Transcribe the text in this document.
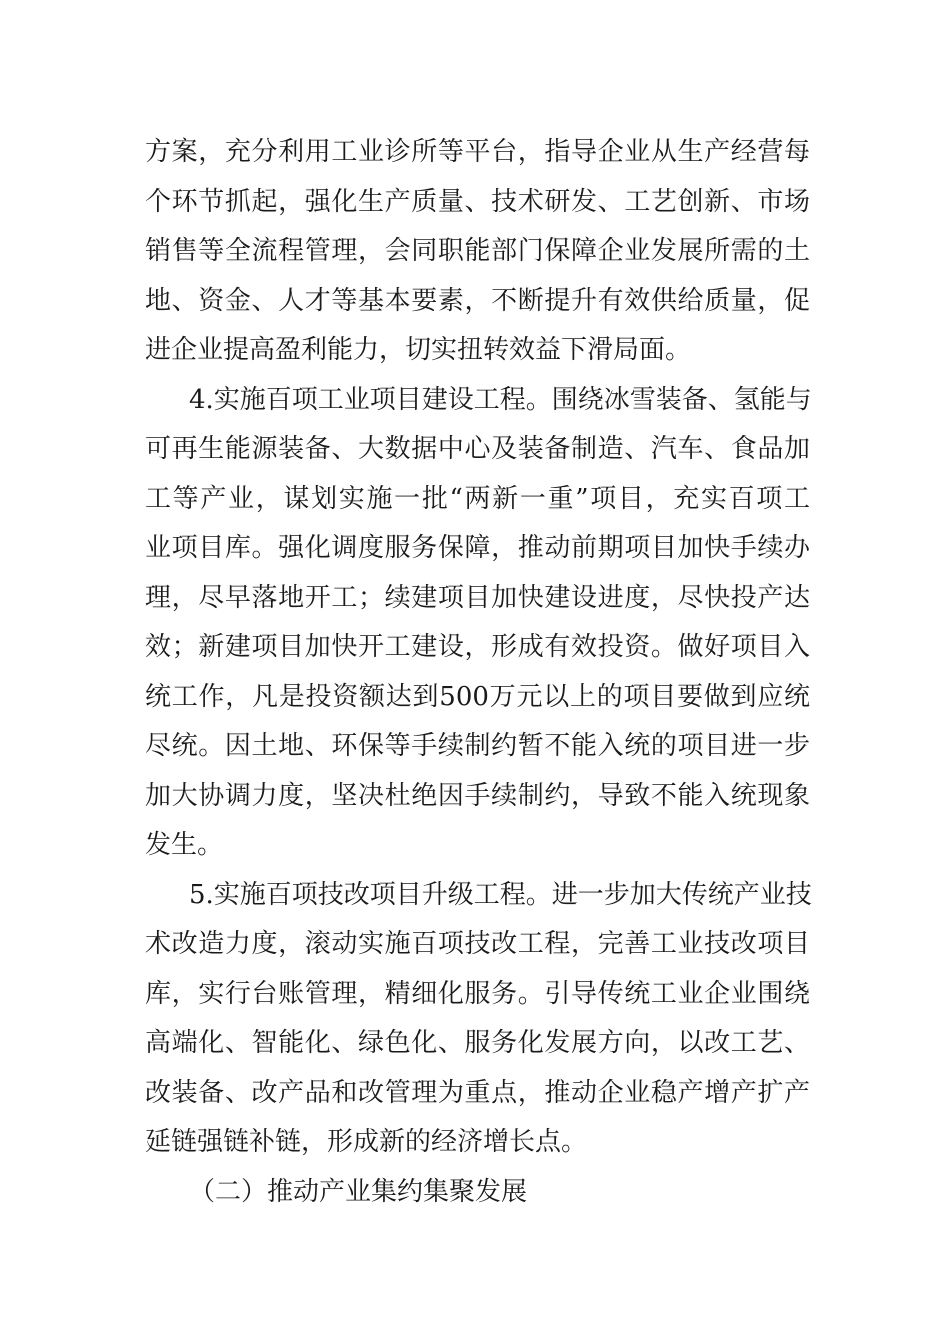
方案，充分利用工业诊所等平台，指导企业从生产经营每
个环节抓起，强化生产质量、技术研发、工艺创新、市场
销售等全流程管理，会同职能部门保障企业发展所需的土
地、资金、人才等基本要素，不断提升有效供给质量，促
进企业提高盈利能力，切实扭转效益下滑局面。
4.实施百项工业项目建设工程。围绕冰雪装备、氢能与
可再生能源装备、大数据中心及装备制造、汽车、食品加
工等产业，谋划实施一批“两新一重”项目，充实百项工
业项目库。强化调度服务保障，推动前期项目加快手续办
理，尽早落地开工；续建项目加快建设进度，尽快投产达
效；新建项目加快开工建设，形成有效投资。做好项目入
统工作，凡是投资额达到500万元以上的项目要做到应统
尽统。因土地、环保等手续制约暂不能入统的项目进一步
加大协调力度，坚决杜绝因手续制约，导致不能入统现象
发生。
5.实施百项技改项目升级工程。进一步加大传统产业技
术改造力度，滚动实施百项技改工程，完善工业技改项目
库，实行台账管理，精细化服务。引导传统工业企业围绕
高端化、智能化、绿色化、服务化发展方向，以改工艺、
改装备、改产品和改管理为重点，推动企业稳产增产扩产
延链强链补链，形成新的经济增长点。
（二）推动产业集约集聚发展
